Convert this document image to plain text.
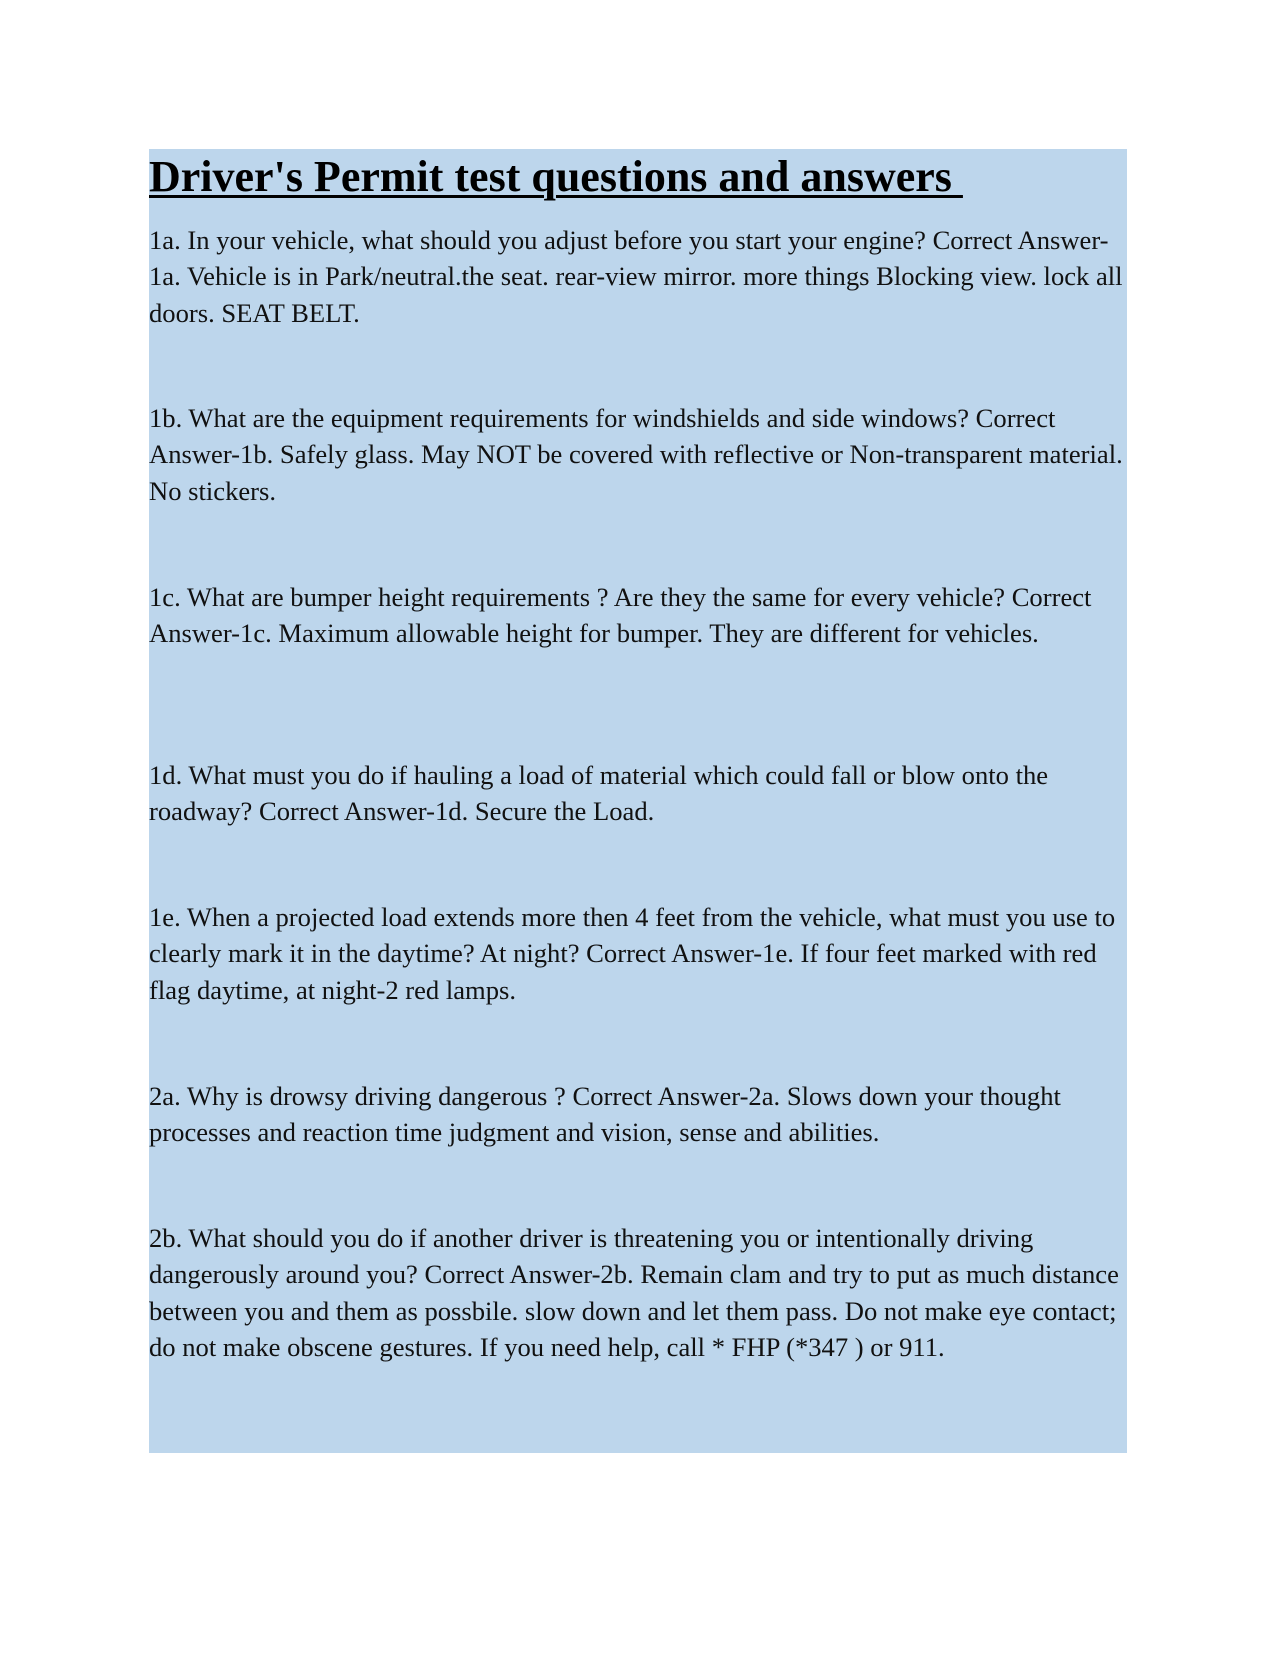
Driver's Permit test questions and answers

1a. In your vehicle, what should you adjust before you start your engine? Correct Answer-1a. Vehicle is in Park/neutral.the seat. rear-view mirror. more things Blocking view. lock all doors. SEAT BELT.

1b. What are the equipment requirements for windshields and side windows? Correct Answer-1b. Safely glass. May NOT be covered with reflective or Non-transparent material. No stickers.

1c. What are bumper height requirements ? Are they the same for every vehicle? Correct Answer-1c. Maximum allowable height for bumper. They are different for vehicles.

1d. What must you do if hauling a load of material which could fall or blow onto the roadway? Correct Answer-1d. Secure the Load.

1e. When a projected load extends more then 4 feet from the vehicle, what must you use to clearly mark it in the daytime? At night? Correct Answer-1e. If four feet marked with red flag daytime, at night-2 red lamps.

2a. Why is drowsy driving dangerous ? Correct Answer-2a. Slows down your thought processes and reaction time judgment and vision, sense and abilities.

2b. What should you do if another driver is threatening you or intentionally driving dangerously around you? Correct Answer-2b. Remain clam and try to put as much distance between you and them as possbile. slow down and let them pass. Do not make eye contact; do not make obscene gestures. If you need help, call * FHP (*347 ) or 911.
